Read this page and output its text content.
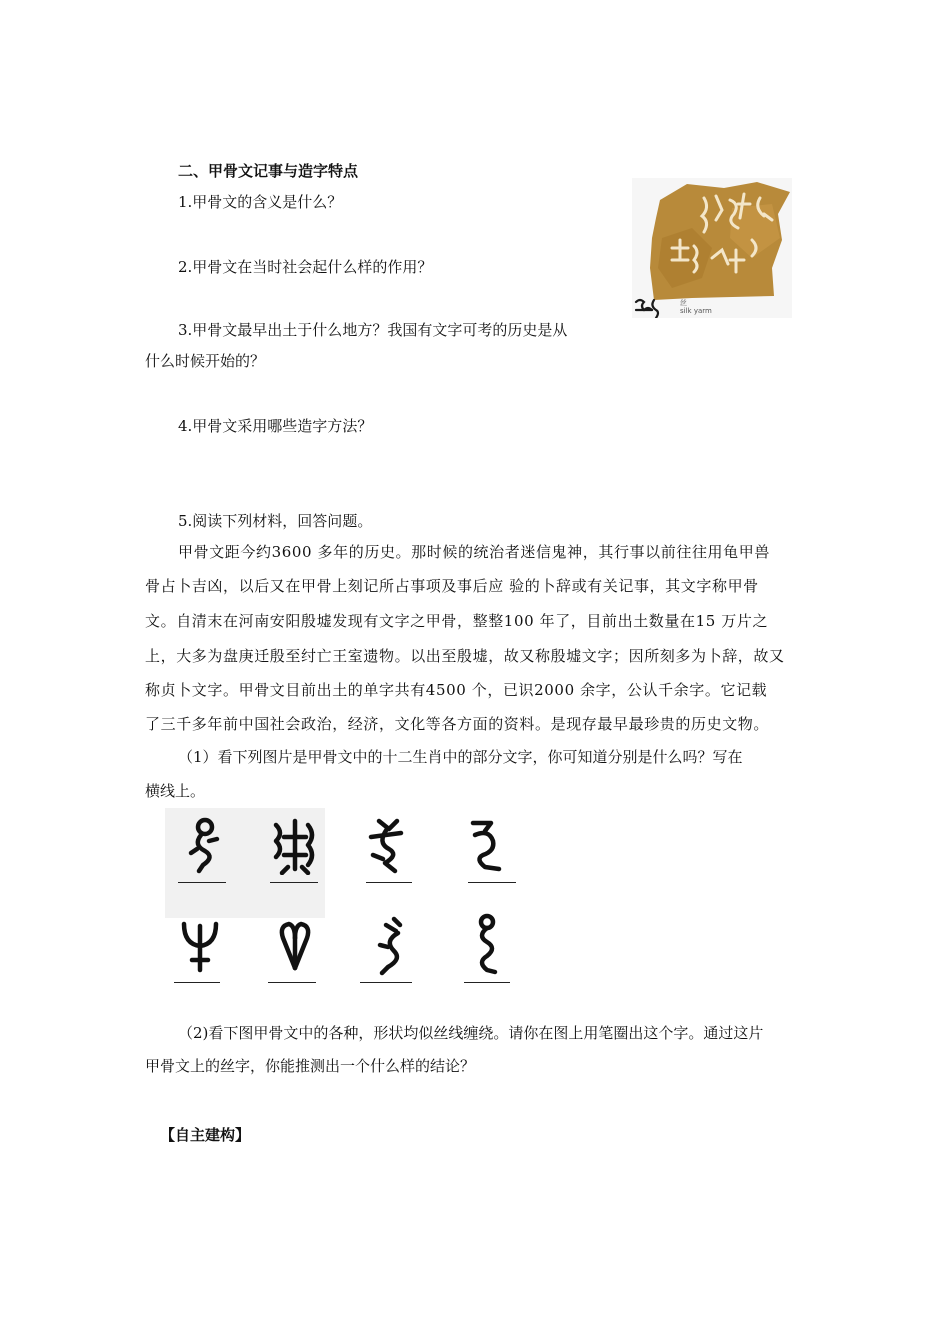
二、甲骨文记事与造字特点
1.甲骨文的含义是什么？
2.甲骨文在当时社会起什么样的作用？
3.甲骨文最早出土于什么地方？我国有文字可考的历史是从
什么时候开始的？
4.甲骨文采用哪些造字方法？
5.阅读下列材料，回答问题。
丝
silk yarm
甲骨文距今约3600 多年的历史。那时候的统治者迷信鬼神，其行事以前往往用龟甲兽
骨占卜吉凶，以后又在甲骨上刻记所占事项及事后应 验的卜辞或有关记事，其文字称甲骨
文。自清末在河南安阳殷墟发现有文字之甲骨，整整100 年了，目前出土数量在15 万片之
上，大多为盘庚迁殷至纣亡王室遗物。以出至殷墟，故又称殷墟文字；因所刻多为卜辞，故又
称贞卜文字。甲骨文目前出土的单字共有4500 个，已识2000 余字，公认千余字。它记载
了三千多年前中国社会政治，经济，文化等各方面的资料。是现存最早最珍贵的历史文物。
（1）看下列图片是甲骨文中的十二生肖中的部分文字，你可知道分别是什么吗？写在
横线上。
（2)看下图甲骨文中的各种，形状均似丝线缠绕。请你在图上用笔圈出这个字。通过这片
甲骨文上的丝字，你能推测出一个什么样的结论？
【自主建构】
